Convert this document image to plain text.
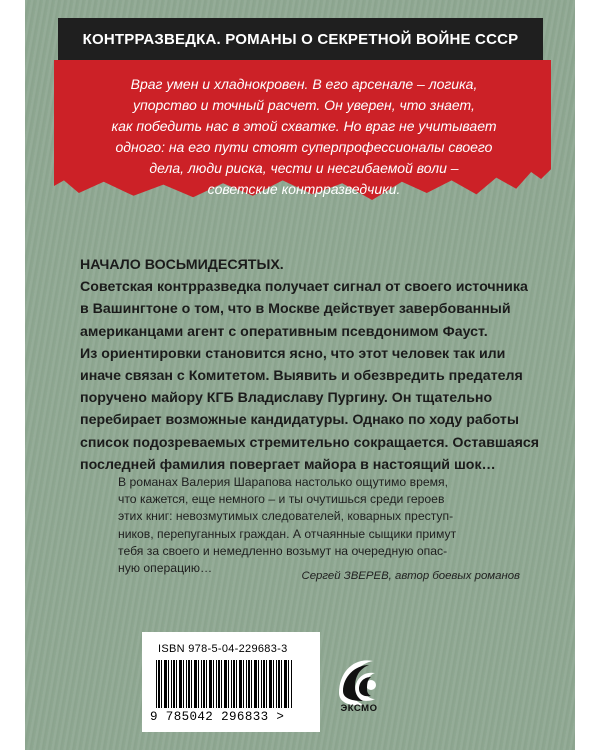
КОНТРРАЗВЕДКА. РОМАНЫ О СЕКРЕТНОЙ ВОЙНЕ СССР

Враг умен и хладнокровен. В его арсенале – логика,
упорство и точный расчет. Он уверен, что знает,
как победить нас в этой схватке. Но враг не учитывает
одного: на его пути стоят суперпрофессионалы своего
дела, люди риска, чести и несгибаемой воли –
советские контрразведчики.

НАЧАЛО ВОСЬМИДЕСЯТЫХ.
Советская контрразведка получает сигнал от своего источника
в Вашингтоне о том, что в Москве действует завербованный
американцами агент с оперативным псевдонимом Фауст.
Из ориентировки становится ясно, что этот человек так или
иначе связан с Комитетом. Выявить и обезвредить предателя
поручено майору КГБ Владиславу Пургину. Он тщательно
перебирает возможные кандидатуры. Однако по ходу работы
список подозреваемых стремительно сокращается. Оставшаяся
последней фамилия повергает майора в настоящий шок…

В романах Валерия Шарапова настолько ощутимо время,
что кажется, еще немного – и ты очутишься среди героев
этих книг: невозмутимых следователей, коварных преступ-
ников, перепуганных граждан. А отчаянные сыщики примут
тебя за своего и немедленно возьмут на очередную опас-
ную операцию…

Сергей ЗВЕРЕВ, автор боевых романов
ISBN 978-5-04-229683-3
9 785042 296833 >
ЭКСМО
